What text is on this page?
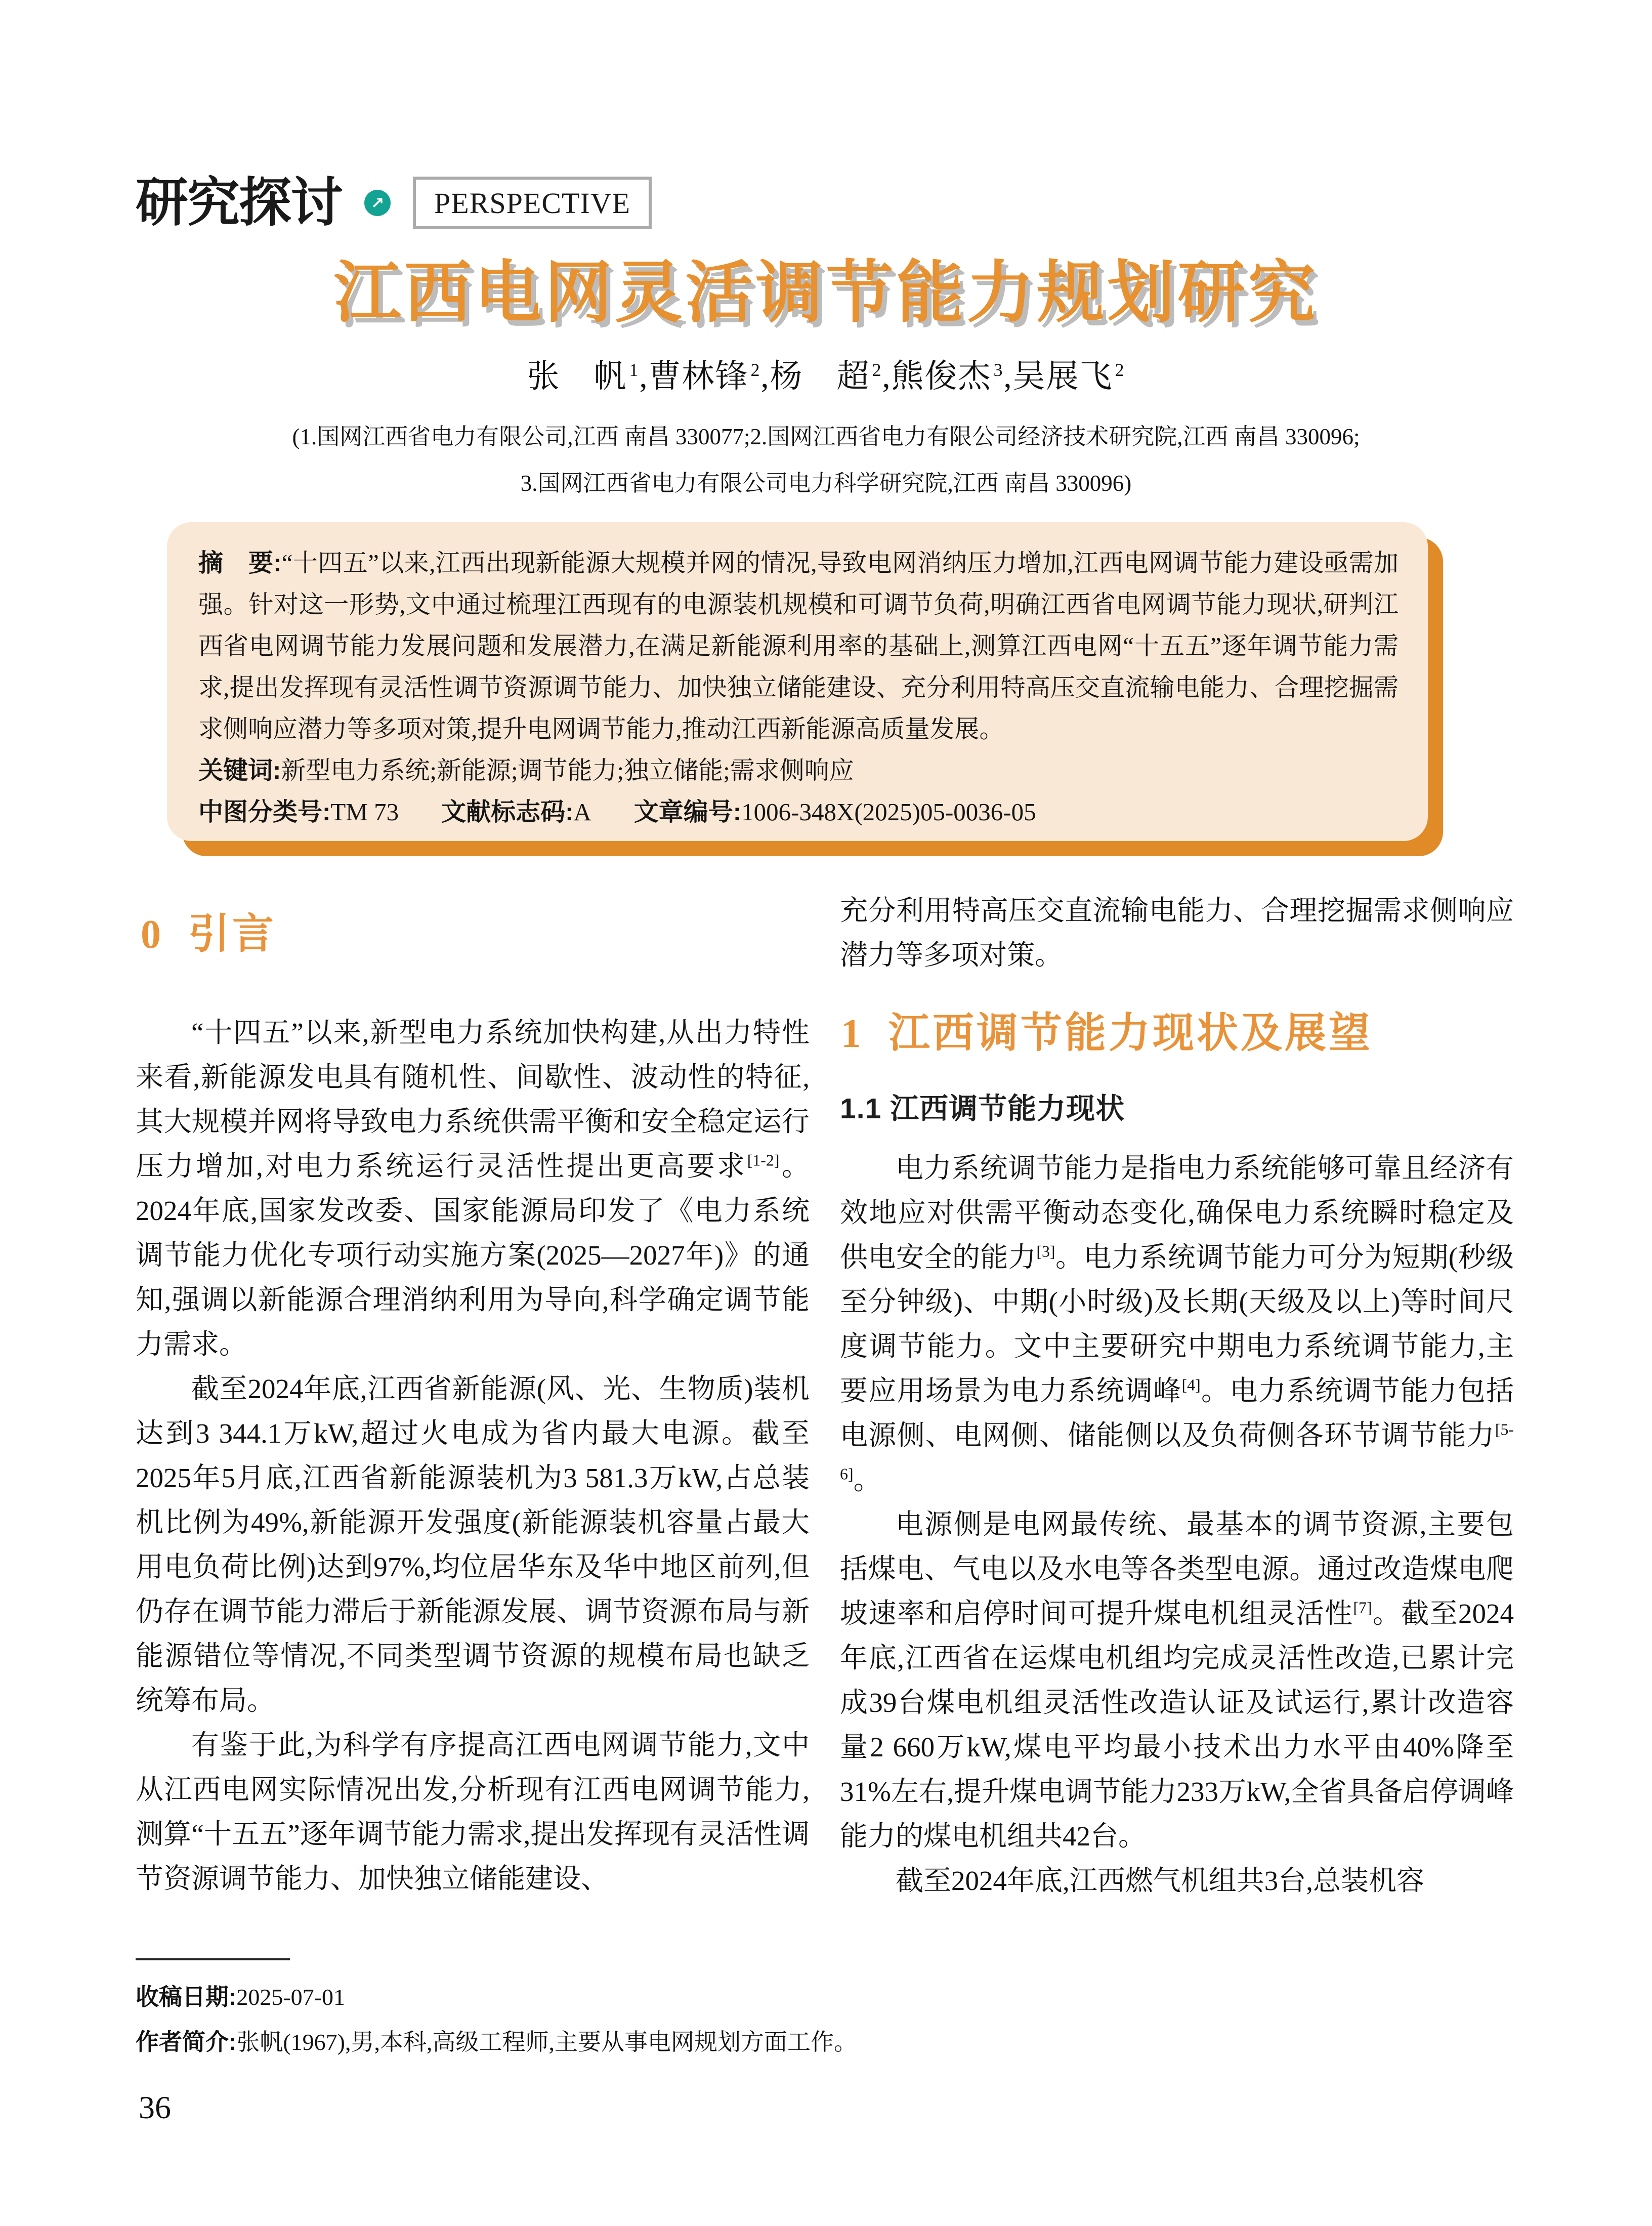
研究探讨 ↗ PERSPECTIVE
江西电网灵活调节能力规划研究
张　帆 $^1$,曹林锋 $^2$,杨　超 $^2$,熊俊杰 $^3$,吴展飞 $^2$
(1.国网江西省电力有限公司,江西 南昌 330077;2.国网江西省电力有限公司经济技术研究院,江西 南昌 330096;
3.国网江西省电力有限公司电力科学研究院,江西 南昌 330096)

摘　要:“十四五”以来,江西出现新能源大规模并网的情况,导致电网消纳压力增加,江西电网调节能力建设亟需加强。针对这一形势,文中通过梳理江西现有的电源装机规模和可调节负荷,明确江西省电网调节能力现状,研判江西省电网调节能力发展问题和发展潜力,在满足新能源利用率的基础上,测算江西电网“十五五”逐年调节能力需求,提出发挥现有灵活性调节资源调节能力、加快独立储能建设、充分利用特高压交直流输电能力、合理挖掘需求侧响应潜力等多项对策,提升电网调节能力,推动江西新能源高质量发展。

关键词:新型电力系统;新能源;调节能力;独立储能;需求侧响应

中图分类号:TM 73 文献标志码:A 文章编号:1006-348X(2025)05-0036-05

0 引言

“十四五”以来,新型电力系统加快构建,从出力特性来看,新能源发电具有随机性、间歇性、波动性的特征,其大规模并网将导致电力系统供需平衡和安全稳定运行压力增加,对电力系统运行灵活性提出更高要求[1-2]。2024年底,国家发改委、国家能源局印发了《电力系统调节能力优化专项行动实施方案(2025—2027年)》的通知,强调以新能源合理消纳利用为导向,科学确定调节能力需求。

截至2024年底,江西省新能源(风、光、生物质)装机达到3 344.1万kW,超过火电成为省内最大电源。截至2025年5月底,江西省新能源装机为3 581.3万kW,占总装机比例为49%,新能源开发强度(新能源装机容量占最大用电负荷比例)达到97%,均位居华东及华中地区前列,但仍存在调节能力滞后于新能源发展、调节资源布局与新能源错位等情况,不同类型调节资源的规模布局也缺乏统筹布局。

有鉴于此,为科学有序提高江西电网调节能力,文中从江西电网实际情况出发,分析现有江西电网调节能力,测算“十五五”逐年调节能力需求,提出发挥现有灵活性调节资源调节能力、加快独立储能建设、

充分利用特高压交直流输电能力、合理挖掘需求侧响应潜力等多项对策。

1 江西调节能力现状及展望
1.1 江西调节能力现状

电力系统调节能力是指电力系统能够可靠且经济有效地应对供需平衡动态变化,确保电力系统瞬时稳定及供电安全的能力[3]。电力系统调节能力可分为短期(秒级至分钟级)、中期(小时级)及长期(天级及以上)等时间尺度调节能力。文中主要研究中期电力系统调节能力,主要应用场景为电力系统调峰[4]。电力系统调节能力包括电源侧、电网侧、储能侧以及负荷侧各环节调节能力[5-6]。

电源侧是电网最传统、最基本的调节资源,主要包括煤电、气电以及水电等各类型电源。通过改造煤电爬坡速率和启停时间可提升煤电机组灵活性[7]。截至2024年底,江西省在运煤电机组均完成灵活性改造,已累计完成39台煤电机组灵活性改造认证及试运行,累计改造容量2 660万kW,煤电平均最小技术出力水平由40%降至31%左右,提升煤电调节能力233万kW,全省具备启停调峰能力的煤电机组共42台。

截至2024年底,江西燃气机组共3台,总装机容

收稿日期:2025-07-01

作者简介:张帆(1967),男,本科,高级工程师,主要从事电网规划方面工作。

36
